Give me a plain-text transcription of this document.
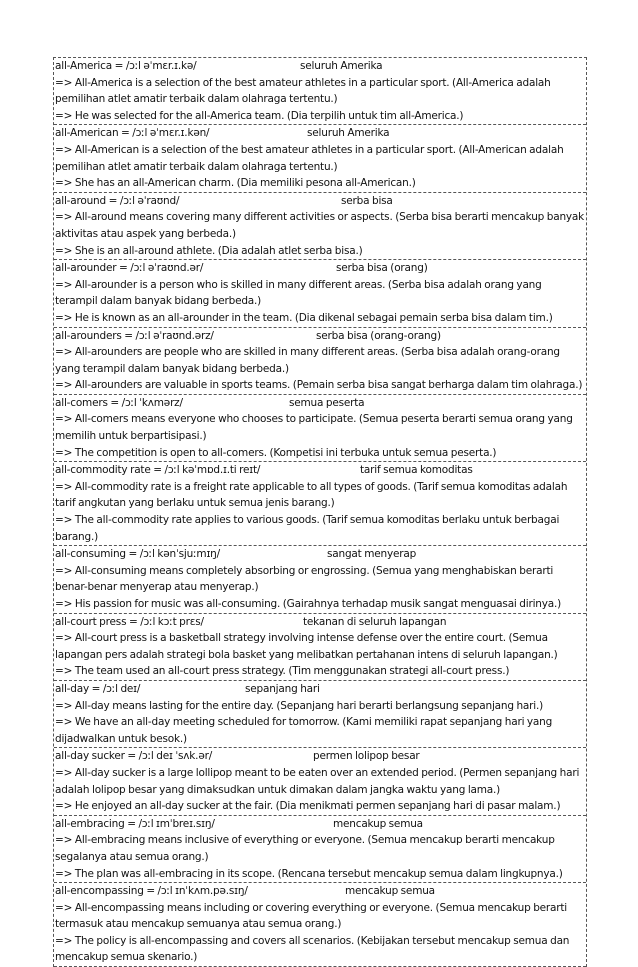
all-America = /ɔːl əˈmɛr.ɪ.kə/	seluruh Amerika
=> All-America is a selection of the best amateur athletes in a particular sport. (All-America adalah pemilihan atlet amatir terbaik dalam olahraga tertentu.)
=> He was selected for the all-America team. (Dia terpilih untuk tim all-America.)
all-American = /ɔːl əˈmɛr.ɪ.kən/	seluruh Amerika
=> All-American is a selection of the best amateur athletes in a particular sport. (All-American adalah pemilihan atlet amatir terbaik dalam olahraga tertentu.)
=> She has an all-American charm. (Dia memiliki pesona all-American.)
all-around = /ɔːl əˈraʊnd/	serba bisa
=> All-around means covering many different activities or aspects. (Serba bisa berarti mencakup banyak aktivitas atau aspek yang berbeda.)
=> She is an all-around athlete. (Dia adalah atlet serba bisa.)
all-arounder = /ɔːl əˈraʊnd.ər/	serba bisa (orang)
=> All-arounder is a person who is skilled in many different areas. (Serba bisa adalah orang yang terampil dalam banyak bidang berbeda.)
=> He is known as an all-arounder in the team. (Dia dikenal sebagai pemain serba bisa dalam tim.)
all-arounders = /ɔːl əˈraʊnd.ərz/	serba bisa (orang-orang)
=> All-arounders are people who are skilled in many different areas. (Serba bisa adalah orang-orang yang terampil dalam banyak bidang berbeda.)
=> All-arounders are valuable in sports teams. (Pemain serba bisa sangat berharga dalam tim olahraga.)
all-comers = /ɔːl ˈkʌmərz/	semua peserta
=> All-comers means everyone who chooses to participate. (Semua peserta berarti semua orang yang memilih untuk berpartisipasi.)
=> The competition is open to all-comers. (Kompetisi ini terbuka untuk semua peserta.)
all-commodity rate = /ɔːl kəˈmɒd.ɪ.ti reɪt/	tarif semua komoditas
=> All-commodity rate is a freight rate applicable to all types of goods. (Tarif semua komoditas adalah tarif angkutan yang berlaku untuk semua jenis barang.)
=> The all-commodity rate applies to various goods. (Tarif semua komoditas berlaku untuk berbagai barang.)
all-consuming = /ɔːl kənˈsjuːmɪŋ/	sangat menyerap
=> All-consuming means completely absorbing or engrossing. (Semua yang menghabiskan berarti benar-benar menyerap atau menyerap.)
=> His passion for music was all-consuming. (Gairahnya terhadap musik sangat menguasai dirinya.)
all-court press = /ɔːl kɔːt prɛs/	tekanan di seluruh lapangan
=> All-court press is a basketball strategy involving intense defense over the entire court. (Semua lapangan pers adalah strategi bola basket yang melibatkan pertahanan intens di seluruh lapangan.)
=> The team used an all-court press strategy. (Tim menggunakan strategi all-court press.)
all-day = /ɔːl deɪ/	sepanjang hari
=> All-day means lasting for the entire day. (Sepanjang hari berarti berlangsung sepanjang hari.)
=> We have an all-day meeting scheduled for tomorrow. (Kami memiliki rapat sepanjang hari yang dijadwalkan untuk besok.)
all-day sucker = /ɔːl deɪ ˈsʌk.ər/	permen lolipop besar
=> All-day sucker is a large lollipop meant to be eaten over an extended period. (Permen sepanjang hari adalah lolipop besar yang dimaksudkan untuk dimakan dalam jangka waktu yang lama.)
=> He enjoyed an all-day sucker at the fair. (Dia menikmati permen sepanjang hari di pasar malam.)
all-embracing = /ɔːl ɪmˈbreɪ.sɪŋ/	mencakup semua
=> All-embracing means inclusive of everything or everyone. (Semua mencakup berarti mencakup segalanya atau semua orang.)
=> The plan was all-embracing in its scope. (Rencana tersebut mencakup semua dalam lingkupnya.)
all-encompassing = /ɔːl ɪnˈkʌm.pə.sɪŋ/	mencakup semua
=> All-encompassing means including or covering everything or everyone. (Semua mencakup berarti termasuk atau mencakup semuanya atau semua orang.)
=> The policy is all-encompassing and covers all scenarios. (Kebijakan tersebut mencakup semua dan mencakup semua skenario.)
